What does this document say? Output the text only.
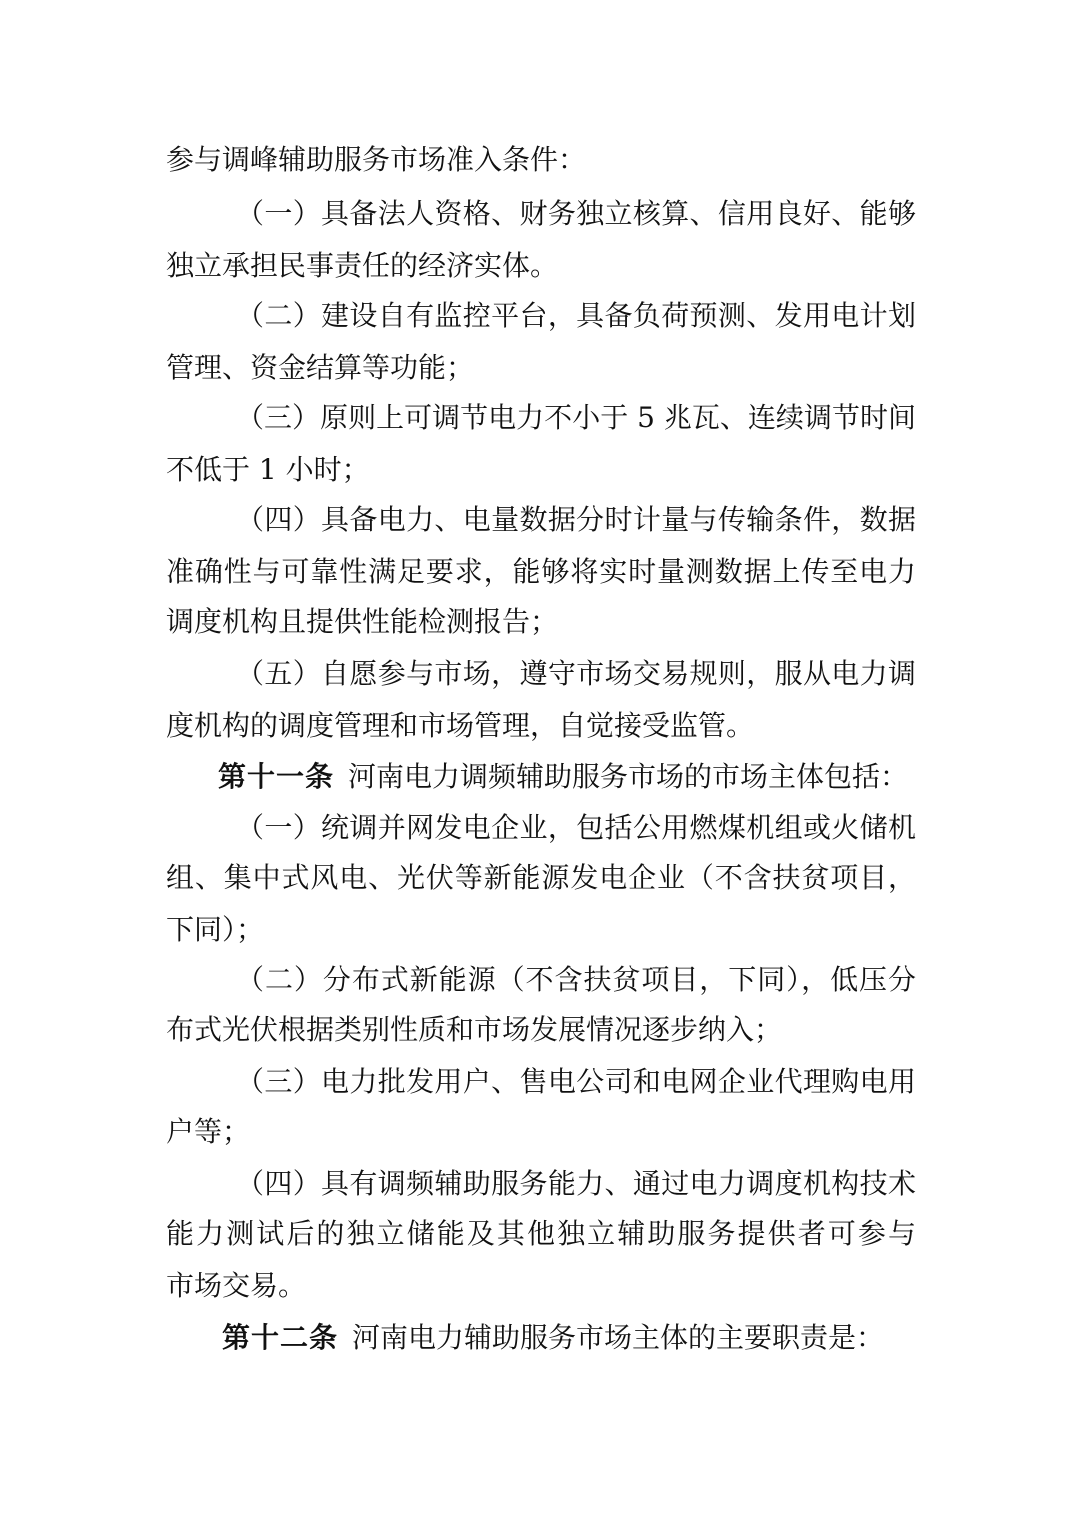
参与调峰辅助服务市场准入条件：
（一）具备法人资格、财务独立核算、信用良好、能够
独立承担民事责任的经济实体。
（二）建设自有监控平台，具备负荷预测、发用电计划
管理、资金结算等功能；
（三）原则上可调节电力不小于 5 兆瓦、连续调节时间
不低于 1 小时；
（四）具备电力、电量数据分时计量与传输条件，数据
准确性与可靠性满足要求，能够将实时量测数据上传至电力
调度机构且提供性能检测报告；
（五）自愿参与市场，遵守市场交易规则，服从电力调
度机构的调度管理和市场管理，自觉接受监管。
第十一条 河南电力调频辅助服务市场的市场主体包括：
（一）统调并网发电企业，包括公用燃煤机组或火储机
组、集中式风电、光伏等新能源发电企业（不含扶贫项目，
下同）；
（二）分布式新能源（不含扶贫项目，下同），低压分
布式光伏根据类别性质和市场发展情况逐步纳入；
（三）电力批发用户、售电公司和电网企业代理购电用
户等；
（四）具有调频辅助服务能力、通过电力调度机构技术
能力测试后的独立储能及其他独立辅助服务提供者可参与
市场交易。
第十二条 河南电力辅助服务市场主体的主要职责是：
